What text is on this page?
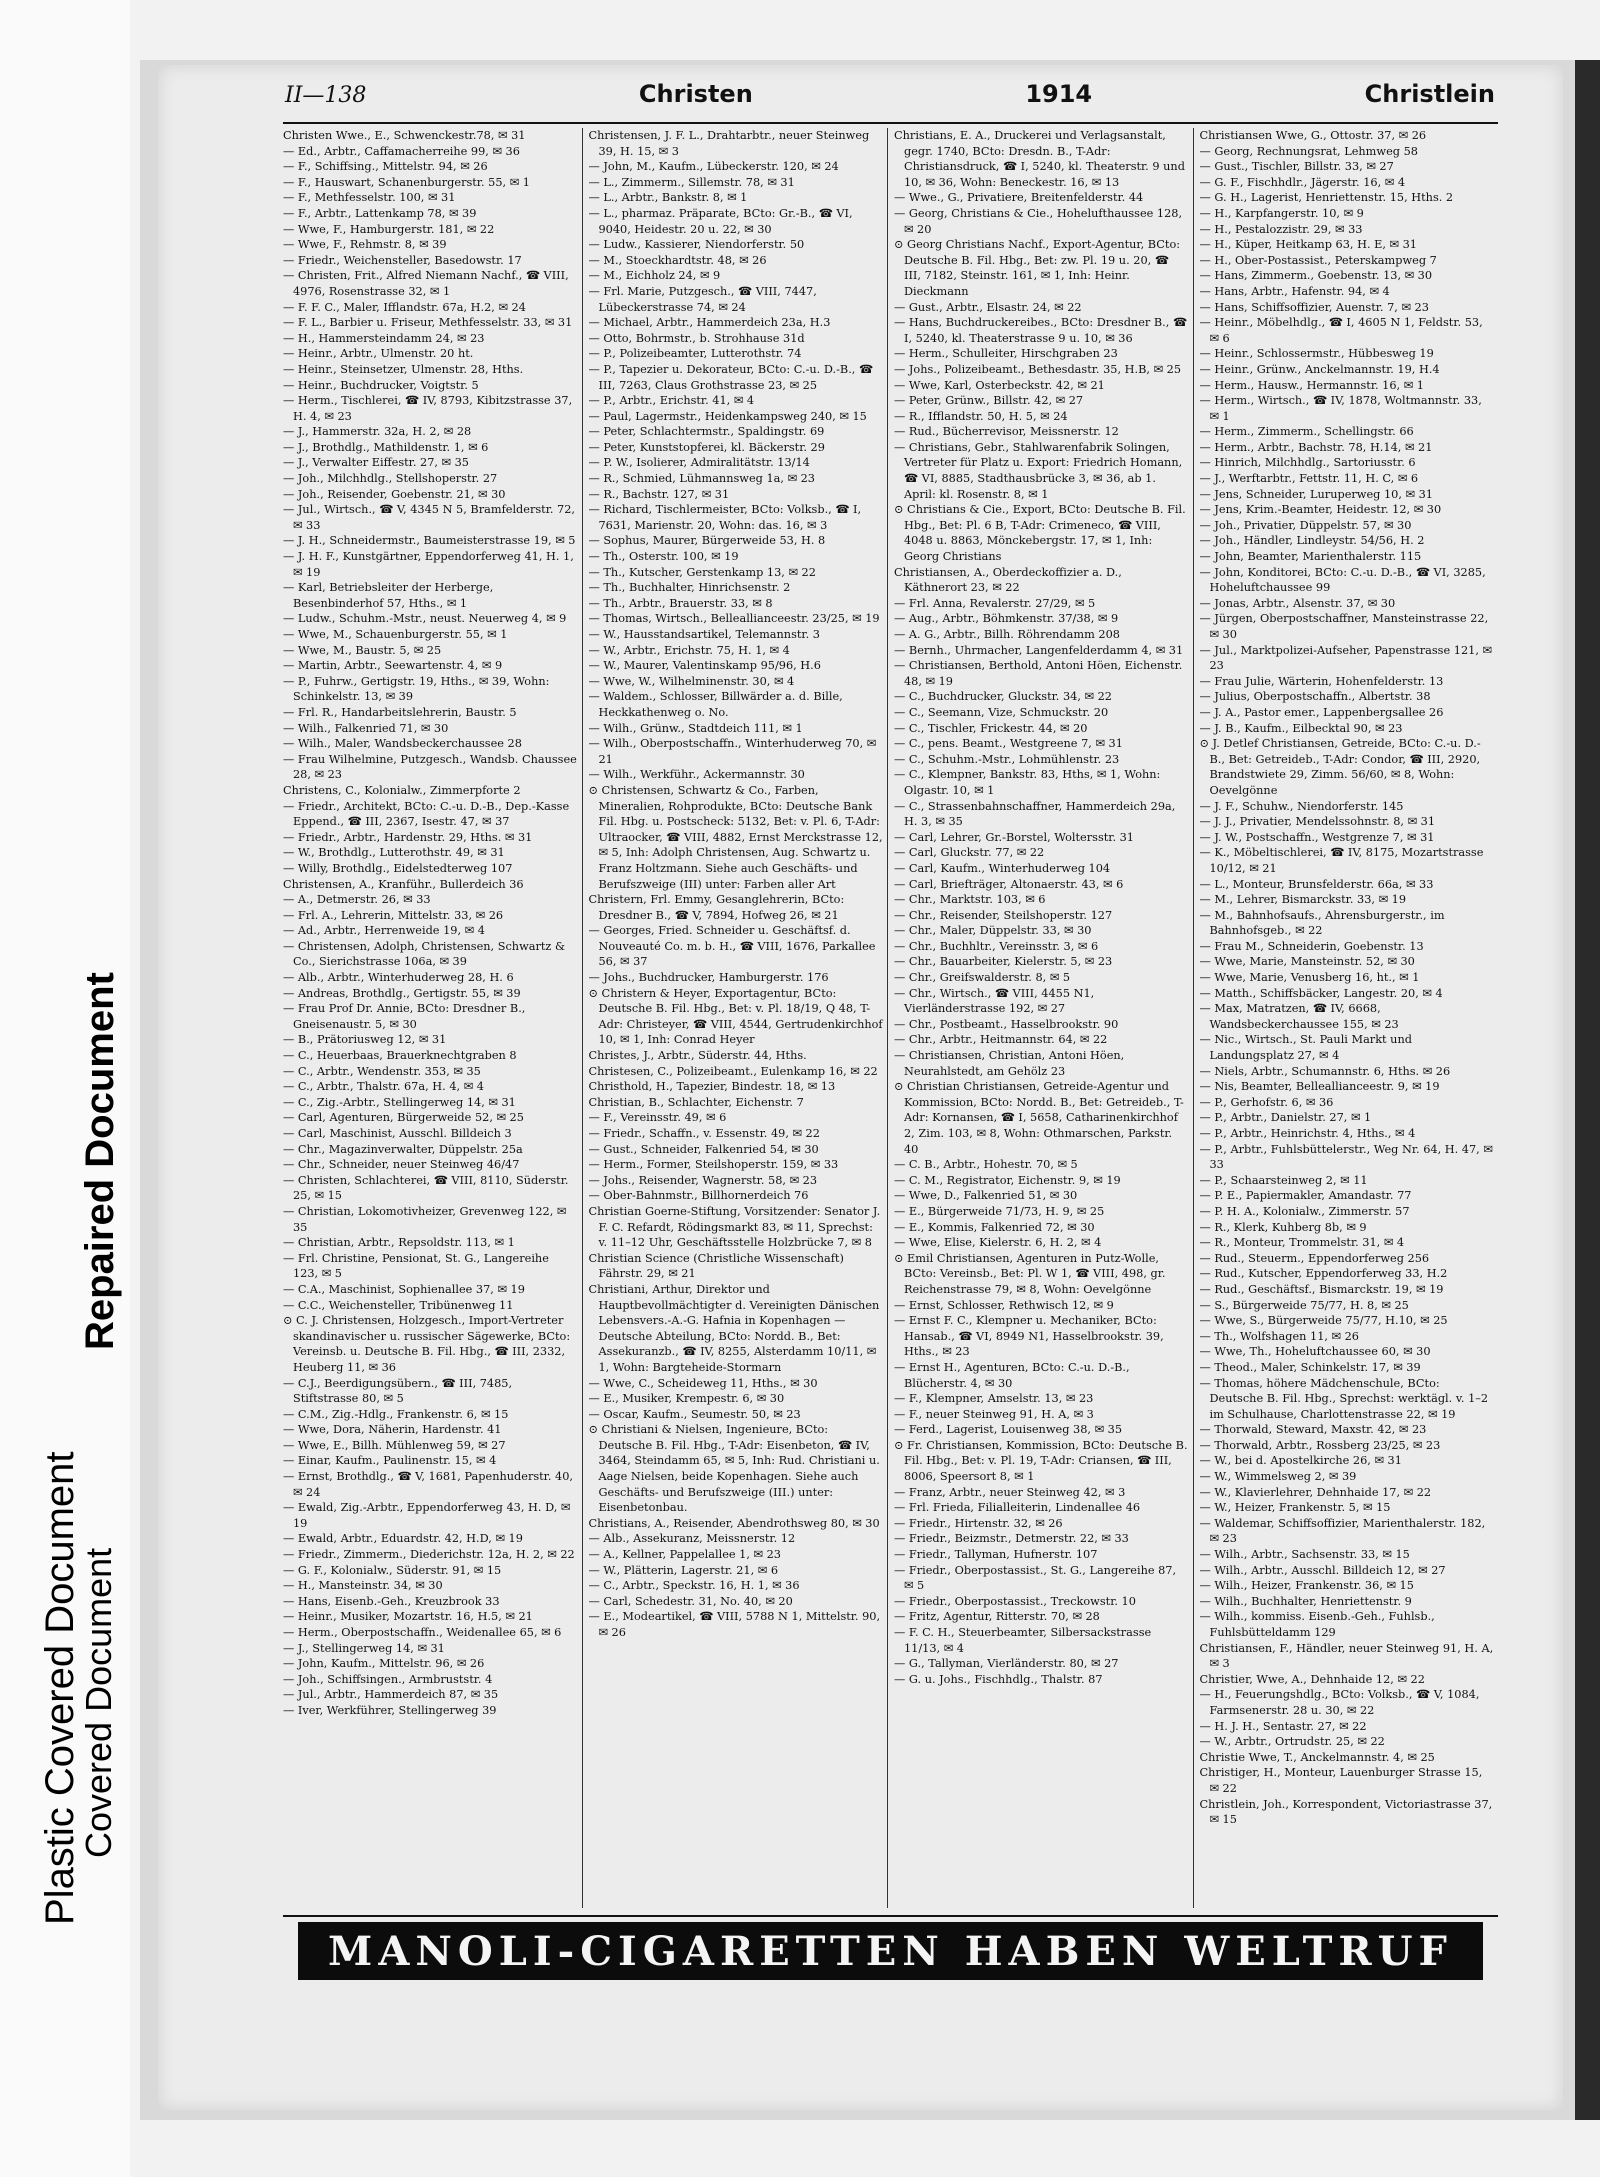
Plastic Covered Document
Repaired Document
Covered Document
II—138	Christen	1914	Christlein

Christen Wwe., E., Schwenckestr.78, ✉ 31

— Ed., Arbtr., Caffamacherreihe 99, ✉ 36

— F., Schiffsing., Mittelstr. 94, ✉ 26

— F., Hauswart, Schanenburgerstr. 55, ✉ 1

— F., Methfesselstr. 100, ✉ 31

— F., Arbtr., Lattenkamp 78, ✉ 39

— Wwe, F., Hamburgerstr. 181, ✉ 22

— Wwe, F., Rehmstr. 8, ✉ 39

— Friedr., Weichensteller, Basedowstr. 17

— Christen, Frit., Alfred Niemann Nachf., ☎ VIII, 4976, Rosenstrasse 32, ✉ 1

— F. F. C., Maler, Ifflandstr. 67a, H.2, ✉ 24

— F. L., Barbier u. Friseur, Methfesselstr. 33, ✉ 31

— H., Hammersteindamm 24, ✉ 23

— Heinr., Arbtr., Ulmenstr. 20 ht.

— Heinr., Steinsetzer, Ulmenstr. 28, Hths.

— Heinr., Buchdrucker, Voigtstr. 5

— Herm., Tischlerei, ☎ IV, 8793, Kibitzstrasse 37, H. 4, ✉ 23

— J., Hammerstr. 32a, H. 2, ✉ 28

— J., Brothdlg., Mathildenstr. 1, ✉ 6

— J., Verwalter Eiffestr. 27, ✉ 35

— Joh., Milchhdlg., Stellshoperstr. 27

— Joh., Reisender, Goebenstr. 21, ✉ 30

— Jul., Wirtsch., ☎ V, 4345 N 5, Bramfelderstr. 72, ✉ 33

— J. H., Schneidermstr., Baumeisterstrasse 19, ✉ 5

— J. H. F., Kunstgärtner, Eppendorferweg 41, H. 1, ✉ 19

— Karl, Betriebsleiter der Herberge, Besenbinderhof 57, Hths., ✉ 1

— Ludw., Schuhm.-Mstr., neust. Neuerweg 4, ✉ 9

— Wwe, M., Schauenburgerstr. 55, ✉ 1

— Wwe, M., Baustr. 5, ✉ 25

— Martin, Arbtr., Seewartenstr. 4, ✉ 9

— P., Fuhrw., Gertigstr. 19, Hths., ✉ 39, Wohn: Schinkelstr. 13, ✉ 39

— Frl. R., Handarbeitslehrerin, Baustr. 5

— Wilh., Falkenried 71, ✉ 30

— Wilh., Maler, Wandsbeckerchaussee 28

— Frau Wilhelmine, Putzgesch., Wandsb. Chaussee 28, ✉ 23

Christens, C., Kolonialw., Zimmerpforte 2

— Friedr., Architekt, BCto: C.-u. D.-B., Dep.-Kasse Eppend., ☎ III, 2367, Isestr. 47, ✉ 37

— Friedr., Arbtr., Hardenstr. 29, Hths. ✉ 31

— W., Brothdlg., Lutterothstr. 49, ✉ 31

— Willy, Brothdlg., Eidelstedterweg 107

Christensen, A., Kranführ., Bullerdeich 36

— A., Detmerstr. 26, ✉ 33

— Frl. A., Lehrerin, Mittelstr. 33, ✉ 26

— Ad., Arbtr., Herrenweide 19, ✉ 4

— Christensen, Adolph, Christensen, Schwartz & Co., Sierichstrasse 106a, ✉ 39

— Alb., Arbtr., Winterhuderweg 28, H. 6

— Andreas, Brothdlg., Gertigstr. 55, ✉ 39

— Frau Prof Dr. Annie, BCto: Dresdner B., Gneisenaustr. 5, ✉ 30

— B., Prätoriusweg 12, ✉ 31

— C., Heuerbaas, Brauerknechtgraben 8

— C., Arbtr., Wendenstr. 353, ✉ 35

— C., Arbtr., Thalstr. 67a, H. 4, ✉ 4

— C., Zig.-Arbtr., Stellingerweg 14, ✉ 31

— Carl, Agenturen, Bürgerweide 52, ✉ 25

— Carl, Maschinist, Ausschl. Billdeich 3

— Chr., Magazinverwalter, Düppelstr. 25a

— Chr., Schneider, neuer Steinweg 46/47

— Christen, Schlachterei, ☎ VIII, 8110, Süderstr. 25, ✉ 15

— Christian, Lokomotivheizer, Grevenweg 122, ✉ 35

— Christian, Arbtr., Repsoldstr. 113, ✉ 1

— Frl. Christine, Pensionat, St. G., Langereihe 123, ✉ 5

— C.A., Maschinist, Sophienallee 37, ✉ 19

— C.C., Weichensteller, Tribünenweg 11

⊙ C. J. Christensen, Holzgesch., Import-Vertreter skandinavischer u. russischer Sägewerke, BCto: Vereinsb. u. Deutsche B. Fil. Hbg., ☎ III, 2332, Heuberg 11, ✉ 36

— C.J., Beerdigungsübern., ☎ III, 7485, Stiftstrasse 80, ✉ 5

— C.M., Zig.-Hdlg., Frankenstr. 6, ✉ 15

— Wwe, Dora, Näherin, Hardenstr. 41

— Wwe, E., Billh. Mühlenweg 59, ✉ 27

— Einar, Kaufm., Paulinenstr. 15, ✉ 4

— Ernst, Brothdlg., ☎ V, 1681, Papenhuderstr. 40, ✉ 24

— Ewald, Zig.-Arbtr., Eppendorferweg 43, H. D, ✉ 19

— Ewald, Arbtr., Eduardstr. 42, H.D, ✉ 19

— Friedr., Zimmerm., Diederichstr. 12a, H. 2, ✉ 22

— G. F., Kolonialw., Süderstr. 91, ✉ 15

— H., Mansteinstr. 34, ✉ 30

— Hans, Eisenb.-Geh., Kreuzbrook 33

— Heinr., Musiker, Mozartstr. 16, H.5, ✉ 21

— Herm., Oberpostschaffn., Weidenallee 65, ✉ 6

— J., Stellingerweg 14, ✉ 31

— John, Kaufm., Mittelstr. 96, ✉ 26

— Joh., Schiffsingen., Armbruststr. 4

— Jul., Arbtr., Hammerdeich 87, ✉ 35

— Iver, Werkführer, Stellingerweg 39

Christensen, J. F. L., Drahtarbtr., neuer Steinweg 39, H. 15, ✉ 3

— John, M., Kaufm., Lübeckerstr. 120, ✉ 24

— L., Zimmerm., Sillemstr. 78, ✉ 31

— L., Arbtr., Bankstr. 8, ✉ 1

— L., pharmaz. Präparate, BCto: Gr.-B., ☎ VI, 9040, Heidestr. 20 u. 22, ✉ 30

— Ludw., Kassierer, Niendorferstr. 50

— M., Stoeckhardtstr. 48, ✉ 26

— M., Eichholz 24, ✉ 9

— Frl. Marie, Putzgesch., ☎ VIII, 7447, Lübeckerstrasse 74, ✉ 24

— Michael, Arbtr., Hammerdeich 23a, H.3

— Otto, Bohrmstr., b. Strohhause 31d

— P., Polizeibeamter, Lutterothstr. 74

— P., Tapezier u. Dekorateur, BCto: C.-u. D.-B., ☎ III, 7263, Claus Grothstrasse 23, ✉ 25

— P., Arbtr., Erichstr. 41, ✉ 4

— Paul, Lagermstr., Heidenkampsweg 240, ✉ 15

— Peter, Schlachtermstr., Spaldingstr. 69

— Peter, Kunststopferei, kl. Bäckerstr. 29

— P. W., Isolierer, Admiralitätstr. 13/14

— R., Schmied, Lühmannsweg 1a, ✉ 23

— R., Bachstr. 127, ✉ 31

— Richard, Tischlermeister, BCto: Volksb., ☎ I, 7631, Marienstr. 20, Wohn: das. 16, ✉ 3

— Sophus, Maurer, Bürgerweide 53, H. 8

— Th., Osterstr. 100, ✉ 19

— Th., Kutscher, Gerstenkamp 13, ✉ 22

— Th., Buchhalter, Hinrichsenstr. 2

— Th., Arbtr., Brauerstr. 33, ✉ 8

— Thomas, Wirtsch., Belleallianceestr. 23/25, ✉ 19

— W., Hausstandsartikel, Telemannstr. 3

— W., Arbtr., Erichstr. 75, H. 1, ✉ 4

— W., Maurer, Valentinskamp 95/96, H.6

— Wwe, W., Wilhelminenstr. 30, ✉ 4

— Waldem., Schlosser, Billwärder a. d. Bille, Heckkathenweg o. No.

— Wilh., Grünw., Stadtdeich 111, ✉ 1

— Wilh., Oberpostschaffn., Winterhuderweg 70, ✉ 21

— Wilh., Werkführ., Ackermannstr. 30

⊙ Christensen, Schwartz & Co., Farben, Mineralien, Rohprodukte, BCto: Deutsche Bank Fil. Hbg. u. Postscheck: 5132, Bet: v. Pl. 6, T-Adr: Ultraocker, ☎ VIII, 4882, Ernst Merckstrasse 12, ✉ 5, Inh: Adolph Christensen, Aug. Schwartz u. Franz Holtzmann. Siehe auch Geschäfts- und Berufszweige (III) unter: Farben aller Art

Christern, Frl. Emmy, Gesanglehrerin, BCto: Dresdner B., ☎ V, 7894, Hofweg 26, ✉ 21

— Georges, Fried. Schneider u. Geschäftsf. d. Nouveauté Co. m. b. H., ☎ VIII, 1676, Parkallee 56, ✉ 37

— Johs., Buchdrucker, Hamburgerstr. 176

⊙ Christern & Heyer, Exportagentur, BCto: Deutsche B. Fil. Hbg., Bet: v. Pl. 18/19, Q 48, T-Adr: Christeyer, ☎ VIII, 4544, Gertrudenkirchhof 10, ✉ 1, Inh: Conrad Heyer

Christes, J., Arbtr., Süderstr. 44, Hths.

Christesen, C., Polizeibeamt., Eulenkamp 16, ✉ 22

Christhold, H., Tapezier, Bindestr. 18, ✉ 13

Christian, B., Schlachter, Eichenstr. 7

— F., Vereinsstr. 49, ✉ 6

— Friedr., Schaffn., v. Essenstr. 49, ✉ 22

— Gust., Schneider, Falkenried 54, ✉ 30

— Herm., Former, Steilshoperstr. 159, ✉ 33

— Johs., Reisender, Wagnerstr. 58, ✉ 23

— Ober-Bahnmstr., Billhornerdeich 76

Christian Goerne-Stiftung, Vorsitzender: Senator J. F. C. Refardt, Rödingsmarkt 83, ✉ 11, Sprechst: v. 11–12 Uhr, Geschäftsstelle Holzbrücke 7, ✉ 8

Christian Science (Christliche Wissenschaft) Fährstr. 29, ✉ 21

Christiani, Arthur, Direktor und Hauptbevollmächtigter d. Vereinigten Dänischen Lebensvers.-A.-G. Hafnia in Kopenhagen — Deutsche Abteilung, BCto: Nordd. B., Bet: Assekuranzb., ☎ IV, 8255, Alsterdamm 10/11, ✉ 1, Wohn: Bargteheide-Stormarn

— Wwe, C., Scheideweg 11, Hths., ✉ 30

— E., Musiker, Krempestr. 6, ✉ 30

— Oscar, Kaufm., Seumestr. 50, ✉ 23

⊙ Christiani & Nielsen, Ingenieure, BCto: Deutsche B. Fil. Hbg., T-Adr: Eisenbeton, ☎ IV, 3464, Steindamm 65, ✉ 5, Inh: Rud. Christiani u. Aage Nielsen, beide Kopenhagen. Siehe auch Geschäfts- und Berufszweige (III.) unter: Eisenbetonbau.

Christians, A., Reisender, Abendrothsweg 80, ✉ 30

— Alb., Assekuranz, Meissnerstr. 12

— A., Kellner, Pappelallee 1, ✉ 23

— W., Plätterin, Lagerstr. 21, ✉ 6

— C., Arbtr., Speckstr. 16, H. 1, ✉ 36

— Carl, Schedestr. 31, No. 40, ✉ 20

— E., Modeartikel, ☎ VIII, 5788 N 1, Mittelstr. 90, ✉ 26

Christians, E. A., Druckerei und Verlagsanstalt, gegr. 1740, BCto: Dresdn. B., T-Adr: Christiansdruck, ☎ I, 5240, kl. Theaterstr. 9 und 10, ✉ 36, Wohn: Beneckestr. 16, ✉ 13

— Wwe., G., Privatiere, Breitenfelderstr. 44

— Georg, Christians & Cie., Hohelufthaussee 128, ✉ 20

⊙ Georg Christians Nachf., Export-Agentur, BCto: Deutsche B. Fil. Hbg., Bet: zw. Pl. 19 u. 20, ☎ III, 7182, Steinstr. 161, ✉ 1, Inh: Heinr. Dieckmann

— Gust., Arbtr., Elsastr. 24, ✉ 22

— Hans, Buchdruckereibes., BCto: Dresdner B., ☎ I, 5240, kl. Theaterstrasse 9 u. 10, ✉ 36

— Herm., Schulleiter, Hirschgraben 23

— Johs., Polizeibeamt., Bethesdastr. 35, H.B, ✉ 25

— Wwe, Karl, Osterbeckstr. 42, ✉ 21

— Peter, Grünw., Billstr. 42, ✉ 27

— R., Ifflandstr. 50, H. 5, ✉ 24

— Rud., Bücherrevisor, Meissnerstr. 12

— Christians, Gebr., Stahlwarenfabrik Solingen, Vertreter für Platz u. Export: Friedrich Homann, ☎ VI, 8885, Stadthausbrücke 3, ✉ 36, ab 1. April: kl. Rosenstr. 8, ✉ 1

⊙ Christians & Cie., Export, BCto: Deutsche B. Fil. Hbg., Bet: Pl. 6 B, T-Adr: Crimeneco, ☎ VIII, 4048 u. 8863, Mönckebergstr. 17, ✉ 1, Inh: Georg Christians

Christiansen, A., Oberdeckoffizier a. D., Käthnerort 23, ✉ 22

— Frl. Anna, Revalerstr. 27/29, ✉ 5

— Aug., Arbtr., Böhmkenstr. 37/38, ✉ 9

— A. G., Arbtr., Billh. Röhrendamm 208

— Bernh., Uhrmacher, Langenfelderdamm 4, ✉ 31

— Christiansen, Berthold, Antoni Höen, Eichenstr. 48, ✉ 19

— C., Buchdrucker, Gluckstr. 34, ✉ 22

— C., Seemann, Vize, Schmuckstr. 20

— C., Tischler, Frickestr. 44, ✉ 20

— C., pens. Beamt., Westgreene 7, ✉ 31

— C., Schuhm.-Mstr., Lohmühlenstr. 23

— C., Klempner, Bankstr. 83, Hths, ✉ 1, Wohn: Olgastr. 10, ✉ 1

— C., Strassenbahnschaffner, Hammerdeich 29a, H. 3, ✉ 35

— Carl, Lehrer, Gr.-Borstel, Woltersstr. 31

— Carl, Gluckstr. 77, ✉ 22

— Carl, Kaufm., Winterhuderweg 104

— Carl, Briefträger, Altonaerstr. 43, ✉ 6

— Chr., Marktstr. 103, ✉ 6

— Chr., Reisender, Steilshoperstr. 127

— Chr., Maler, Düppelstr. 33, ✉ 30

— Chr., Buchhltr., Vereinsstr. 3, ✉ 6

— Chr., Bauarbeiter, Kielerstr. 5, ✉ 23

— Chr., Greifswalderstr. 8, ✉ 5

— Chr., Wirtsch., ☎ VIII, 4455 N1, Vierländerstrasse 192, ✉ 27

— Chr., Postbeamt., Hasselbrookstr. 90

— Chr., Arbtr., Heitmannstr. 64, ✉ 22

— Christiansen, Christian, Antoni Höen, Neurahlstedt, am Gehölz 23

⊙ Christian Christiansen, Getreide-Agentur und Kommission, BCto: Nordd. B., Bet: Getreideb., T-Adr: Kornansen, ☎ I, 5658, Catharinenkirchhof 2, Zim. 103, ✉ 8, Wohn: Othmarschen, Parkstr. 40

— C. B., Arbtr., Hohestr. 70, ✉ 5

— C. M., Registrator, Eichenstr. 9, ✉ 19

— Wwe, D., Falkenried 51, ✉ 30

— E., Bürgerweide 71/73, H. 9, ✉ 25

— E., Kommis, Falkenried 72, ✉ 30

— Wwe, Elise, Kielerstr. 6, H. 2, ✉ 4

⊙ Emil Christiansen, Agenturen in Putz-Wolle, BCto: Vereinsb., Bet: Pl. W 1, ☎ VIII, 498, gr. Reichenstrasse 79, ✉ 8, Wohn: Oevelgönne

— Ernst, Schlosser, Rethwisch 12, ✉ 9

— Ernst F. C., Klempner u. Mechaniker, BCto: Hansab., ☎ VI, 8949 N1, Hasselbrookstr. 39, Hths., ✉ 23

— Ernst H., Agenturen, BCto: C.-u. D.-B., Blücherstr. 4, ✉ 30

— F., Klempner, Amselstr. 13, ✉ 23

— F., neuer Steinweg 91, H. A, ✉ 3

— Ferd., Lagerist, Louisenweg 38, ✉ 35

⊙ Fr. Christiansen, Kommission, BCto: Deutsche B. Fil. Hbg., Bet: v. Pl. 19, T-Adr: Criansen, ☎ III, 8006, Speersort 8, ✉ 1

— Franz, Arbtr., neuer Steinweg 42, ✉ 3

— Frl. Frieda, Filialleiterin, Lindenallee 46

— Friedr., Hirtenstr. 32, ✉ 26

— Friedr., Beizmstr., Detmerstr. 22, ✉ 33

— Friedr., Tallyman, Hufnerstr. 107

— Friedr., Oberpostassist., St. G., Langereihe 87, ✉ 5

— Friedr., Oberpostassist., Treckowstr. 10

— Fritz, Agentur, Ritterstr. 70, ✉ 28

— F. C. H., Steuerbeamter, Silbersackstrasse 11/13, ✉ 4

— G., Tallyman, Vierländerstr. 80, ✉ 27

— G. u. Johs., Fischhdlg., Thalstr. 87

Christiansen Wwe, G., Ottostr. 37, ✉ 26

— Georg, Rechnungsrat, Lehmweg 58

— Gust., Tischler, Billstr. 33, ✉ 27

— G. F., Fischhdlr., Jägerstr. 16, ✉ 4

— G. H., Lagerist, Henriettenstr. 15, Hths. 2

— H., Karpfangerstr. 10, ✉ 9

— H., Pestalozzistr. 29, ✉ 33

— H., Küper, Heitkamp 63, H. E, ✉ 31

— H., Ober-Postassist., Peterskampweg 7

— Hans, Zimmerm., Goebenstr. 13, ✉ 30

— Hans, Arbtr., Hafenstr. 94, ✉ 4

— Hans, Schiffsoffizier, Auenstr. 7, ✉ 23

— Heinr., Möbelhdlg., ☎ I, 4605 N 1, Feldstr. 53, ✉ 6

— Heinr., Schlossermstr., Hübbesweg 19

— Heinr., Grünw., Anckelmannstr. 19, H.4

— Herm., Hausw., Hermannstr. 16, ✉ 1

— Herm., Wirtsch., ☎ IV, 1878, Woltmannstr. 33, ✉ 1

— Herm., Zimmerm., Schellingstr. 66

— Herm., Arbtr., Bachstr. 78, H.14, ✉ 21

— Hinrich, Milchhdlg., Sartoriusstr. 6

— J., Werftarbtr., Fettstr. 11, H. C, ✉ 6

— Jens, Schneider, Luruperweg 10, ✉ 31

— Jens, Krim.-Beamter, Heidestr. 12, ✉ 30

— Joh., Privatier, Düppelstr. 57, ✉ 30

— Joh., Händler, Lindleystr. 54/56, H. 2

— John, Beamter, Marienthalerstr. 115

— John, Konditorei, BCto: C.-u. D.-B., ☎ VI, 3285, Hoheluftchaussee 99

— Jonas, Arbtr., Alsenstr. 37, ✉ 30

— Jürgen, Oberpostschaffner, Mansteinstrasse 22, ✉ 30

— Jul., Marktpolizei-Aufseher, Papenstrasse 121, ✉ 23

— Frau Julie, Wärterin, Hohenfelderstr. 13

— Julius, Oberpostschaffn., Albertstr. 38

— J. A., Pastor emer., Lappenbergsallee 26

— J. B., Kaufm., Eilbecktal 90, ✉ 23

⊙ J. Detlef Christiansen, Getreide, BCto: C.-u. D.-B., Bet: Getreideb., T-Adr: Condor, ☎ III, 2920, Brandstwiete 29, Zimm. 56/60, ✉ 8, Wohn: Oevelgönne

— J. F., Schuhw., Niendorferstr. 145

— J. J., Privatier, Mendelssohnstr. 8, ✉ 31

— J. W., Postschaffn., Westgrenze 7, ✉ 31

— K., Möbeltischlerei, ☎ IV, 8175, Mozartstrasse 10/12, ✉ 21

— L., Monteur, Brunsfelderstr. 66a, ✉ 33

— M., Lehrer, Bismarckstr. 33, ✉ 19

— M., Bahnhofsaufs., Ahrensburgerstr., im Bahnhofsgeb., ✉ 22

— Frau M., Schneiderin, Goebenstr. 13

— Wwe, Marie, Mansteinstr. 52, ✉ 30

— Wwe, Marie, Venusberg 16, ht., ✉ 1

— Matth., Schiffsbäcker, Langestr. 20, ✉ 4

— Max, Matratzen, ☎ IV, 6668, Wandsbeckerchaussee 155, ✉ 23

— Nic., Wirtsch., St. Pauli Markt und Landungsplatz 27, ✉ 4

— Niels, Arbtr., Schumannstr. 6, Hths. ✉ 26

— Nis, Beamter, Belleallianceestr. 9, ✉ 19

— P., Gerhofstr. 6, ✉ 36

— P., Arbtr., Danielstr. 27, ✉ 1

— P., Arbtr., Heinrichstr. 4, Hths., ✉ 4

— P., Arbtr., Fuhlsbüttelerstr., Weg Nr. 64, H. 47, ✉ 33

— P., Schaarsteinweg 2, ✉ 11

— P. E., Papiermakler, Amandastr. 77

— P. H. A., Kolonialw., Zimmerstr. 57

— R., Klerk, Kuhberg 8b, ✉ 9

— R., Monteur, Trommelstr. 31, ✉ 4

— Rud., Steuerm., Eppendorferweg 256

— Rud., Kutscher, Eppendorferweg 33, H.2

— Rud., Geschäftsf., Bismarckstr. 19, ✉ 19

— S., Bürgerweide 75/77, H. 8, ✉ 25

— Wwe, S., Bürgerweide 75/77, H.10, ✉ 25

— Th., Wolfshagen 11, ✉ 26

— Wwe, Th., Hoheluftchaussee 60, ✉ 30

— Theod., Maler, Schinkelstr. 17, ✉ 39

— Thomas, höhere Mädchenschule, BCto: Deutsche B. Fil. Hbg., Sprechst: werktägl. v. 1–2 im Schulhause, Charlottenstrasse 22, ✉ 19

— Thorwald, Steward, Maxstr. 42, ✉ 23

— Thorwald, Arbtr., Rossberg 23/25, ✉ 23

— W., bei d. Apostelkirche 26, ✉ 31

— W., Wimmelsweg 2, ✉ 39

— W., Klavierlehrer, Dehnhaide 17, ✉ 22

— W., Heizer, Frankenstr. 5, ✉ 15

— Waldemar, Schiffsoffizier, Marienthalerstr. 182, ✉ 23

— Wilh., Arbtr., Sachsenstr. 33, ✉ 15

— Wilh., Arbtr., Ausschl. Billdeich 12, ✉ 27

— Wilh., Heizer, Frankenstr. 36, ✉ 15

— Wilh., Buchhalter, Henriettenstr. 9

— Wilh., kommiss. Eisenb.-Geh., Fuhlsb., Fuhlsbütteldamm 129

Christiansen, F., Händler, neuer Steinweg 91, H. A, ✉ 3

Christier, Wwe, A., Dehnhaide 12, ✉ 22

— H., Feuerungshdlg., BCto: Volksb., ☎ V, 1084, Farmsenerstr. 28 u. 30, ✉ 22

— H. J. H., Sentastr. 27, ✉ 22

— W., Arbtr., Ortrudstr. 25, ✉ 22

Christie Wwe, T., Anckelmannstr. 4, ✉ 25

Christiger, H., Monteur, Lauenburger Strasse 15, ✉ 22

Christlein, Joh., Korrespondent, Victoriastrasse 37, ✉ 15

MANOLI-CIGARETTEN HABEN WELTRUF
